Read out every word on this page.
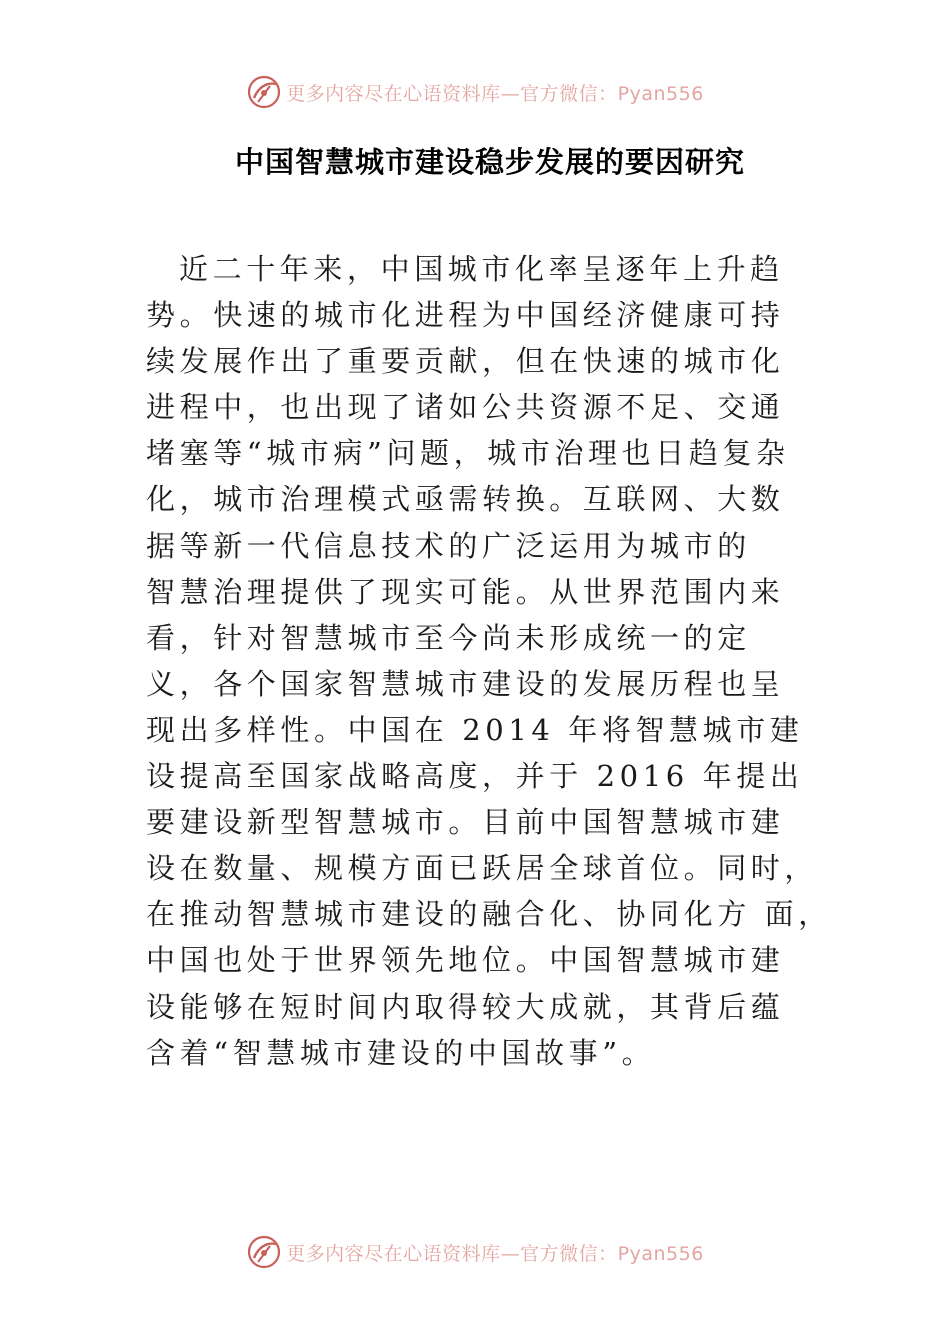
更多内容尽在心语资料库—官方微信：Pyan556
中国智慧城市建设稳步发展的要因研究
近二十年来，中国城市化率呈逐年上升趋
势。快速的城市化进程为中国经济健康可持
续发展作出了重要贡献，但在快速的城市化
进程中，也出现了诸如公共资源不足、交通
堵塞等“城市病”问题，城市治理也日趋复杂
化，城市治理模式亟需转换。互联网、大数
据等新一代信息技术的广泛运用为城市的
智慧治理提供了现实可能。从世界范围内来
看，针对智慧城市至今尚未形成统一的定
义，各个国家智慧城市建设的发展历程也呈
现出多样性。中国在 2014 年将智慧城市建
设提高至国家战略高度，并于 2016 年提出
要建设新型智慧城市。目前中国智慧城市建
设在数量、规模方面已跃居全球首位。同时，
在推动智慧城市建设的融合化、协同化方 面，
中国也处于世界领先地位。中国智慧城市建
设能够在短时间内取得较大成就，其背后蕴
含着“智慧城市建设的中国故事”。
更多内容尽在心语资料库—官方微信：Pyan556
